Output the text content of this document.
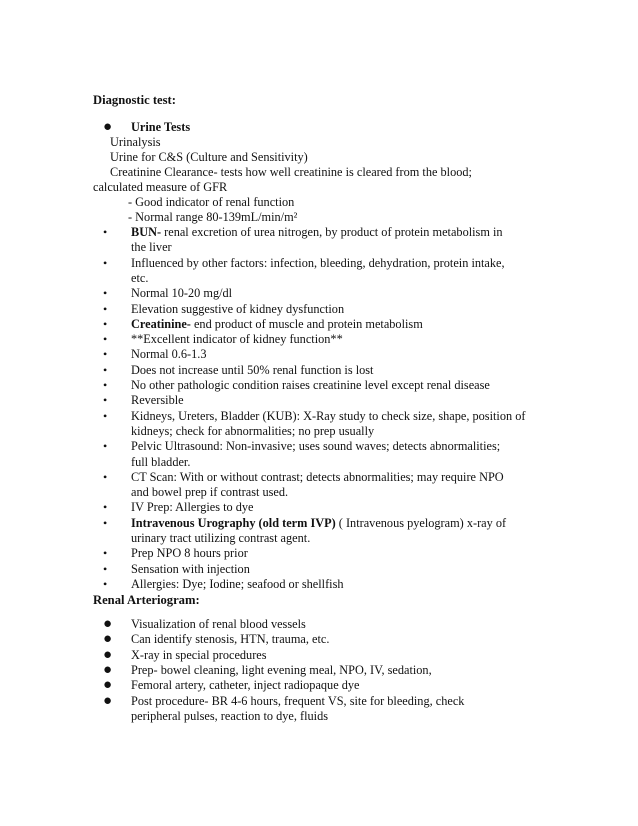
Diagnostic test:
● Urine Tests
Urinalysis
Urine for C&S (Culture and Sensitivity)
Creatinine Clearance- tests how well creatinine is cleared from the blood;
calculated measure of GFR
- Good indicator of renal function
- Normal range 80-139mL/min/m²
• BUN- renal excretion of urea nitrogen, by product of protein metabolism in
the liver
• Influenced by other factors: infection, bleeding, dehydration, protein intake,
etc.
• Normal 10-20 mg/dl
• Elevation suggestive of kidney dysfunction
• Creatinine- end product of muscle and protein metabolism
• **Excellent indicator of kidney function**
• Normal 0.6-1.3
• Does not increase until 50% renal function is lost
• No other pathologic condition raises creatinine level except renal disease
• Reversible
• Kidneys, Ureters, Bladder (KUB): X-Ray study to check size, shape, position of
kidneys; check for abnormalities; no prep usually
• Pelvic Ultrasound: Non-invasive; uses sound waves; detects abnormalities;
full bladder.
• CT Scan: With or without contrast; detects abnormalities; may require NPO
and bowel prep if contrast used.
• IV Prep: Allergies to dye
• Intravenous Urography (old term IVP) ( Intravenous pyelogram) x-ray of
urinary tract utilizing contrast agent.
• Prep NPO 8 hours prior
• Sensation with injection
• Allergies: Dye; Iodine; seafood or shellfish
Renal Arteriogram:
● Visualization of renal blood vessels
● Can identify stenosis, HTN, trauma, etc.
● X-ray in special procedures
● Prep- bowel cleaning, light evening meal, NPO, IV, sedation,
● Femoral artery, catheter, inject radiopaque dye
● Post procedure- BR 4-6 hours, frequent VS, site for bleeding, check
peripheral pulses, reaction to dye, fluids
